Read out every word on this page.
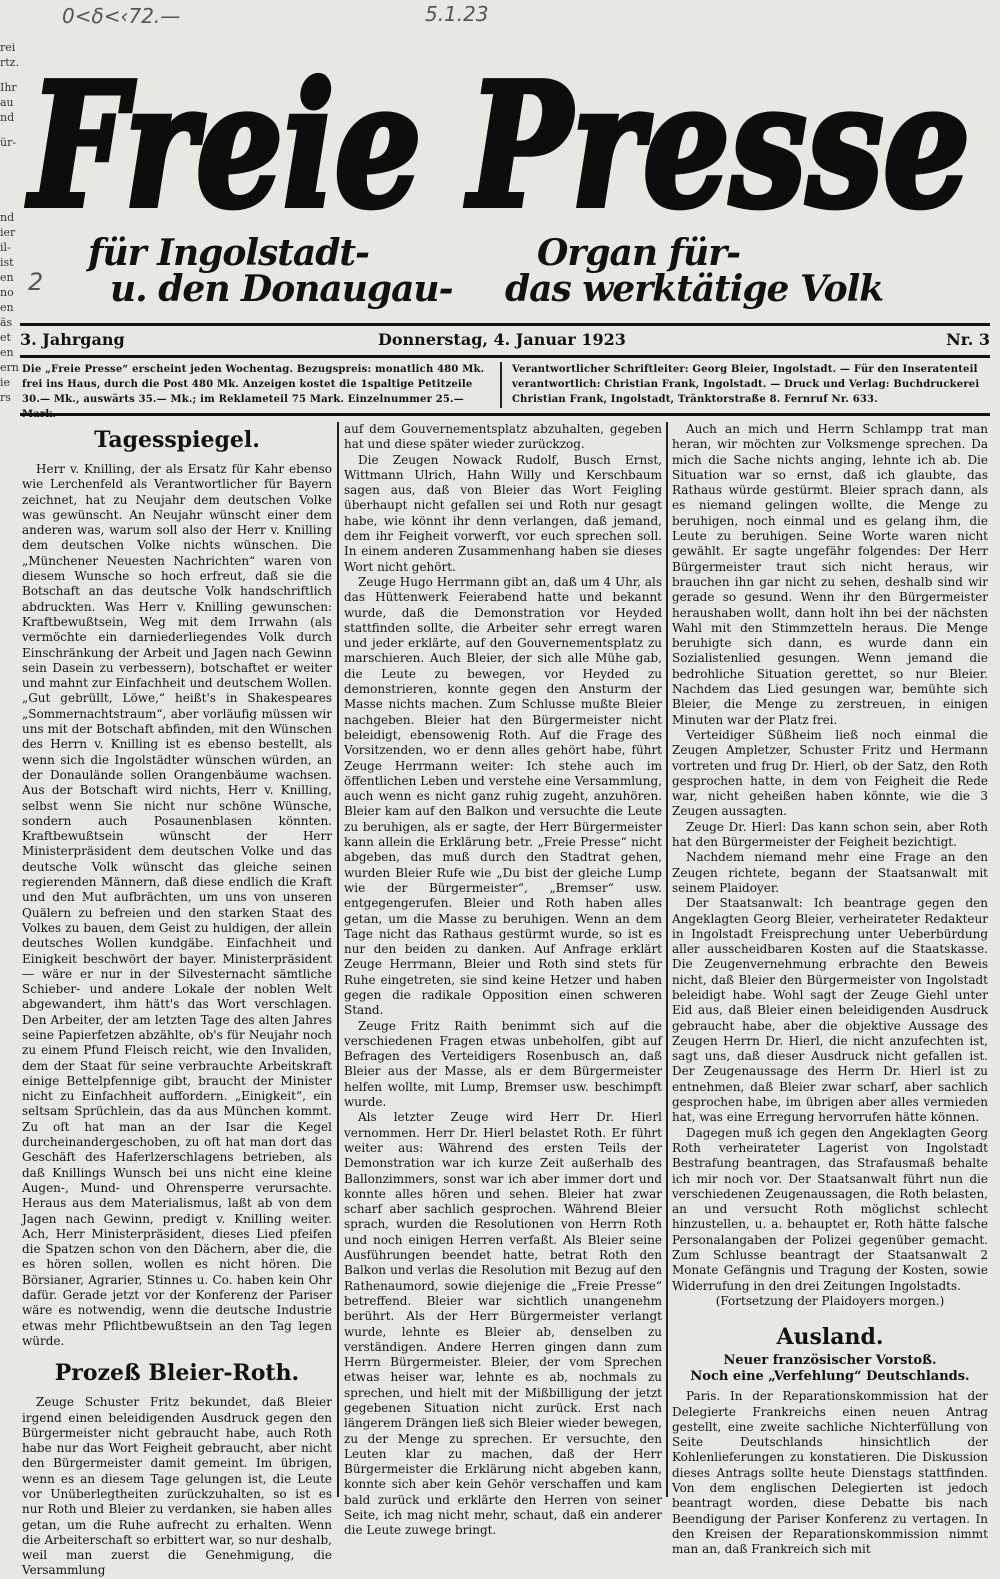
0<δ<‹72.—	5.1.23
2
rei
rtz.
Ihr
au
nd
ür-
nd
ier
il-
ist
en
no
en
äs
et
en
ern
ie
rs
Freie Presse
für Ingolstadt-
u. den Donaugau-
Organ für-
das werktätige Volk
3. Jahrgang	Donnerstag, 4. Januar 1923	Nr. 3
Die „Freie Presse“ erscheint jeden Wochentag. Bezugspreis: monatlich 480 Mk. frei ins Haus, durch die Post 480 Mk. Anzeigen kostet die 1spaltige Petitzeile 30.— Mk., auswärts 35.— Mk.; im Reklameteil 75 Mark. Einzelnummer 25.—
Verantwortlicher Schriftleiter: Georg Bleier, Ingolstadt. — Für den Inseratenteil verantwortlich: Christian Frank, Ingolstadt. — Druck und Verlag: Buchdruckerei Christian Frank, Ingolstadt, Tränktorstraße 8. Fernruf Nr. 633.
Tagesspiegel.

Herr v. Knilling, der als Ersatz für Kahr ebenso wie Lerchenfeld als Verantwortlicher für Bayern zeichnet, hat zu Neujahr dem deutschen Volke was gewünscht. An Neujahr wünscht einer dem anderen was, warum soll also der Herr v. Knilling dem deutschen Volke nichts wünschen. Die „Münchener Neuesten Nachrichten“ waren von diesem Wunsche so hoch erfreut, daß sie die Botschaft an das deutsche Volk handschriftlich abdruckten. Was Herr v. Knilling gewunschen: Kraftbewußtsein, Weg mit dem Irrwahn (als vermöchte ein darniederliegendes Volk durch Einschränkung der Arbeit und Jagen nach Gewinn sein Dasein zu verbessern), botschaftet er weiter und mahnt zur Einfachheit und deutschem Wollen. „Gut gebrüllt, Löwe,“ heißt's in Shakespeares „Sommernachtstraum“, aber vorläufig müssen wir uns mit der Botschaft abfinden, mit den Wünschen des Herrn v. Knilling ist es ebenso bestellt, als wenn sich die Ingolstädter wünschen würden, an der Donaulände sollen Orangenbäume wachsen. Aus der Botschaft wird nichts, Herr v. Knilling, selbst wenn Sie nicht nur schöne Wünsche, sondern auch Posaunenblasen könnten. Kraftbewußtsein wünscht der Herr Ministerpräsident dem deutschen Volke und das deutsche Volk wünscht das gleiche seinen regierenden Männern, daß diese endlich die Kraft und den Mut aufbrächten, um uns von unseren Quälern zu befreien und den starken Staat des Volkes zu bauen, dem Geist zu huldigen, der allein deutsches Wollen kundgäbe. Einfachheit und Einigkeit beschwört der bayer. Ministerpräsident — wäre er nur in der Silvesternacht sämtliche Schieber- und andere Lokale der noblen Welt abgewandert, ihm hätt's das Wort verschlagen. Den Arbeiter, der am letzten Tage des alten Jahres seine Papierfetzen abzählte, ob's für Neujahr noch zu einem Pfund Fleisch reicht, wie den Invaliden, dem der Staat für seine verbrauchte Arbeitskraft einige Bettelpfennige gibt, braucht der Minister nicht zu Einfachheit auffordern. „Einigkeit“, ein seltsam Sprüchlein, das da aus München kommt. Zu oft hat man an der Isar die Kegel durcheinandergeschoben, zu oft hat man dort das Geschäft des Haferlzerschlagens betrieben, als daß Knillings Wunsch bei uns nicht eine kleine Augen-, Mund- und Ohrensperre verursachte. Heraus aus dem Materialismus, laßt ab von dem Jagen nach Gewinn, predigt v. Knilling weiter. Ach, Herr Ministerpräsident, dieses Lied pfeifen die Spatzen schon von den Dächern, aber die, die es hören sollen, wollen es nicht hören. Die Börsianer, Agrarier, Stinnes u. Co. haben kein Ohr dafür. Gerade jetzt vor der Konferenz der Pariser wäre es notwendig, wenn die deutsche Industrie etwas mehr Pflichtbewußtsein an den Tag legen würde.

Prozeß Bleier-Roth.

Zeuge Schuster Fritz bekundet, daß Bleier irgend einen beleidigenden Ausdruck gegen den Bürgermeister nicht gebraucht habe, auch Roth habe nur das Wort Feigheit gebraucht, aber nicht den Bürgermeister damit gemeint. Im übrigen, wenn es an diesem Tage gelungen ist, die Leute vor Unüberlegtheiten zurückzuhalten, so ist es nur Roth und Bleier zu verdanken, sie haben alles getan, um die Ruhe aufrecht zu erhalten. Wenn die Arbeiterschaft so erbittert war, so nur deshalb, weil man zuerst die Genehmigung, die Versammlung

auf dem Gouvernementsplatz abzuhalten, gegeben hat und diese später wieder zurückzog.

Die Zeugen Nowack Rudolf, Busch Ernst, Wittmann Ulrich, Hahn Willy und Kerschbaum sagen aus, daß von Bleier das Wort Feigling überhaupt nicht gefallen sei und Roth nur gesagt habe, wie könnt ihr denn verlangen, daß jemand, dem ihr Feigheit vorwerft, vor euch sprechen soll. In einem anderen Zusammenhang haben sie dieses Wort nicht gehört.

Zeuge Hugo Herrmann gibt an, daß um 4 Uhr, als das Hüttenwerk Feierabend hatte und bekannt wurde, daß die Demonstration vor Heyded stattfinden sollte, die Arbeiter sehr erregt waren und jeder erklärte, auf den Gouvernementsplatz zu marschieren. Auch Bleier, der sich alle Mühe gab, die Leute zu bewegen, vor Heyded zu demonstrieren, konnte gegen den Ansturm der Masse nichts machen. Zum Schlusse mußte Bleier nachgeben. Bleier hat den Bürgermeister nicht beleidigt, ebensowenig Roth. Auf die Frage des Vorsitzenden, wo er denn alles gehört habe, führt Zeuge Herrmann weiter: Ich stehe auch im öffentlichen Leben und verstehe eine Versammlung, auch wenn es nicht ganz ruhig zugeht, anzuhören. Bleier kam auf den Balkon und versuchte die Leute zu beruhigen, als er sagte, der Herr Bürgermeister kann allein die Erklärung betr. „Freie Presse“ nicht abgeben, das muß durch den Stadtrat gehen, wurden Bleier Rufe wie „Du bist der gleiche Lump wie der Bürgermeister“, „Bremser“ usw. entgegengerufen. Bleier und Roth haben alles getan, um die Masse zu beruhigen. Wenn an dem Tage nicht das Rathaus gestürmt wurde, so ist es nur den beiden zu danken. Auf Anfrage erklärt Zeuge Herrmann, Bleier und Roth sind stets für Ruhe eingetreten, sie sind keine Hetzer und haben gegen die radikale Opposition einen schweren Stand.

Zeuge Fritz Raith benimmt sich auf die verschiedenen Fragen etwas unbeholfen, gibt auf Befragen des Verteidigers Rosenbusch an, daß Bleier aus der Masse, als er dem Bürgermeister helfen wollte, mit Lump, Bremser usw. beschimpft wurde.

Als letzter Zeuge wird Herr Dr. Hierl vernommen. Herr Dr. Hierl belastet Roth. Er führt weiter aus: Während des ersten Teils der Demonstration war ich kurze Zeit außerhalb des Ballonzimmers, sonst war ich aber immer dort und konnte alles hören und sehen. Bleier hat zwar scharf aber sachlich gesprochen. Während Bleier sprach, wurden die Resolutionen von Herrn Roth und noch einigen Herren verfaßt. Als Bleier seine Ausführungen beendet hatte, betrat Roth den Balkon und verlas die Resolution mit Bezug auf den Rathenaumord, sowie diejenige die „Freie Presse“ betreffend. Bleier war sichtlich unangenehm berührt. Als der Herr Bürgermeister verlangt wurde, lehnte es Bleier ab, denselben zu verständigen. Andere Herren gingen dann zum Herrn Bürgermeister. Bleier, der vom Sprechen etwas heiser war, lehnte es ab, nochmals zu sprechen, und hielt mit der Mißbilligung der jetzt gegebenen Situation nicht zurück. Erst nach längerem Drängen ließ sich Bleier wieder bewegen, zu der Menge zu sprechen. Er versuchte, den Leuten klar zu machen, daß der Herr Bürgermeister die Erklärung nicht abgeben kann, konnte sich aber kein Gehör verschaffen und kam bald zurück und erklärte den Herren von seiner Seite, ich mag nicht mehr, schaut, daß ein anderer die Leute zuwege bringt.

Auch an mich und Herrn Schlampp trat man heran, wir möchten zur Volksmenge sprechen. Da mich die Sache nichts anging, lehnte ich ab. Die Situation war so ernst, daß ich glaubte, das Rathaus würde gestürmt. Bleier sprach dann, als es niemand gelingen wollte, die Menge zu beruhigen, noch einmal und es gelang ihm, die Leute zu beruhigen. Seine Worte waren nicht gewählt. Er sagte ungefähr folgendes: Der Herr Bürgermeister traut sich nicht heraus, wir brauchen ihn gar nicht zu sehen, deshalb sind wir gerade so gesund. Wenn ihr den Bürgermeister heraushaben wollt, dann holt ihn bei der nächsten Wahl mit den Stimmzetteln heraus. Die Menge beruhigte sich dann, es wurde dann ein Sozialistenlied gesungen. Wenn jemand die bedrohliche Situation gerettet, so nur Bleier. Nachdem das Lied gesungen war, bemühte sich Bleier, die Menge zu zerstreuen, in einigen Minuten war der Platz frei.

Verteidiger Süßheim ließ noch einmal die Zeugen Ampletzer, Schuster Fritz und Hermann vortreten und frug Dr. Hierl, ob der Satz, den Roth gesprochen hatte, in dem von Feigheit die Rede war, nicht geheißen haben könnte, wie die 3 Zeugen aussagten.

Zeuge Dr. Hierl: Das kann schon sein, aber Roth hat den Bürgermeister der Feigheit bezichtigt.

Nachdem niemand mehr eine Frage an den Zeugen richtete, begann der Staatsanwalt mit seinem Plaidoyer.

Der Staatsanwalt: Ich beantrage gegen den Angeklagten Georg Bleier, verheirateter Redakteur in Ingolstadt Freisprechung unter Ueberbürdung aller ausscheidbaren Kosten auf die Staatskasse. Die Zeugenvernehmung erbrachte den Beweis nicht, daß Bleier den Bürgermeister von Ingolstadt beleidigt habe. Wohl sagt der Zeuge Giehl unter Eid aus, daß Bleier einen beleidigenden Ausdruck gebraucht habe, aber die objektive Aussage des Zeugen Herrn Dr. Hierl, die nicht anzufechten ist, sagt uns, daß dieser Ausdruck nicht gefallen ist. Der Zeugenaussage des Herrn Dr. Hierl ist zu entnehmen, daß Bleier zwar scharf, aber sachlich gesprochen habe, im übrigen aber alles vermieden hat, was eine Erregung hervorrufen hätte können.

Dagegen muß ich gegen den Angeklagten Georg Roth verheirateter Lagerist von Ingolstadt Bestrafung beantragen, das Strafausmaß behalte ich mir noch vor. Der Staatsanwalt führt nun die verschiedenen Zeugenaussagen, die Roth belasten, an und versucht Roth möglichst schlecht hinzustellen, u. a. behauptet er, Roth hätte falsche Personalangaben der Polizei gegenüber gemacht. Zum Schlusse beantragt der Staatsanwalt 2 Monate Gefängnis und Tragung der Kosten, sowie Widerrufung in den drei Zeitungen Ingolstadts.

(Fortsetzung der Plaidoyers morgen.)

Ausland.
Neuer französischer Vorstoß.
Noch eine „Verfehlung“ Deutschlands.

Paris. In der Reparationskommission hat der Delegierte Frankreichs einen neuen Antrag gestellt, eine zweite sachliche Nichterfüllung von Seite Deutschlands hinsichtlich der Kohlenlieferungen zu konstatieren. Die Diskussion dieses Antrags sollte heute Dienstags stattfinden. Von dem englischen Delegierten ist jedoch beantragt worden, diese Debatte bis nach Beendigung der Pariser Konferenz zu vertagen. In den Kreisen der Reparationskommission nimmt man an, daß Frankreich sich mit
